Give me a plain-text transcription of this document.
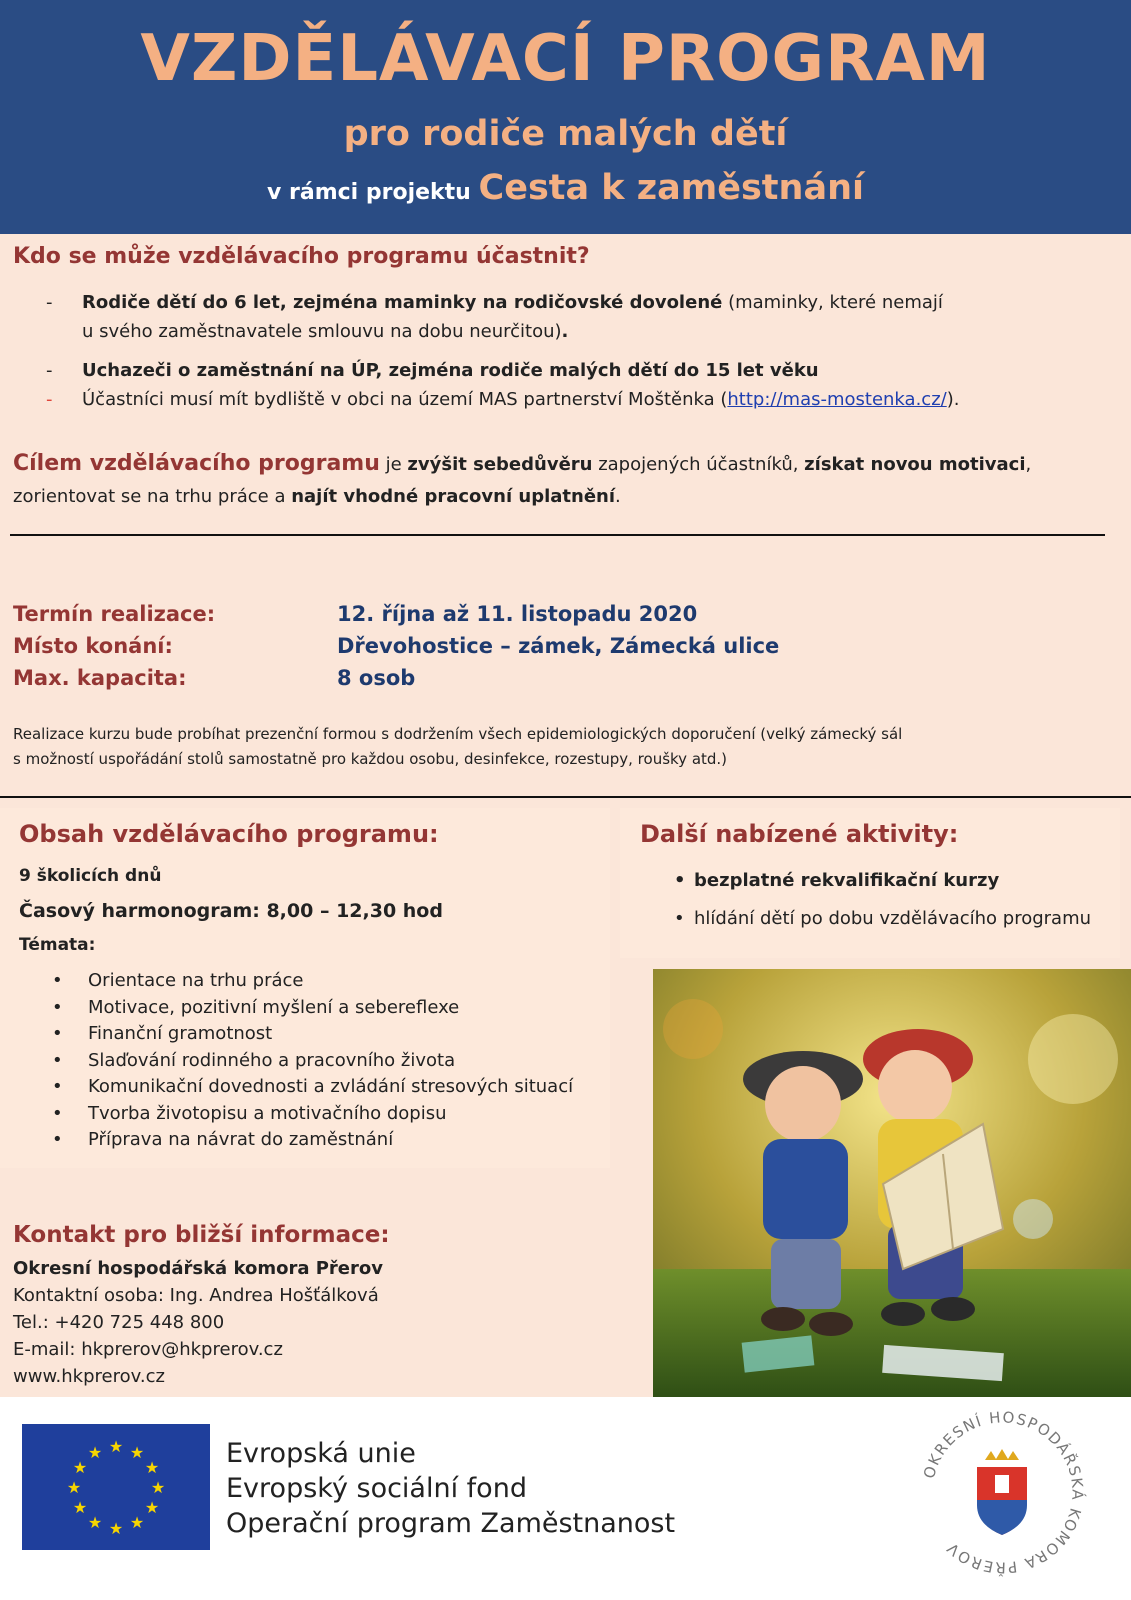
VZDĚLÁVACÍ PROGRAM
pro rodiče malých dětí
v rámci projektu Cesta k zaměstnání
Kdo se může vzdělávacího programu účastnit?
- Rodiče dětí do 6 let, zejména maminky na rodičovské dovolené (maminky, které nemají
u svého zaměstnavatele smlouvu na dobu neurčitou).
- Uchazeči o zaměstnání na ÚP, zejména rodiče malých dětí do 15 let věku
- Účastníci musí mít bydliště v obci na území MAS partnerství Moštěnka (http://mas-mostenka.cz/).
Cílem vzdělávacího programu je zvýšit sebedůvěru zapojených účastníků, získat novou motivaci, zorientovat se na trhu práce a najít vhodné pracovní uplatnění.
Termín realizace:	12. října až 11. listopadu 2020
Místo konání:	Dřevohostice – zámek, Zámecká ulice
Max. kapacita:	8 osob
Realizace kurzu bude probíhat prezenční formou s dodržením všech epidemiologických doporučení (velký zámecký sál
s možností uspořádání stolů samostatně pro každou osobu, desinfekce, rozestupy, roušky atd.)
Obsah vzdělávacího programu:
9 školicích dnů
Časový harmonogram: 8,00 – 12,30 hod
Témata:
• Orientace na trhu práce
• Motivace, pozitivní myšlení a sebereflexe
• Finanční gramotnost
• Slaďování rodinného a pracovního života
• Komunikační dovednosti a zvládání stresových situací
• Tvorba životopisu a motivačního dopisu
• Příprava na návrat do zaměstnání
Další nabízené aktivity:
• bezplatné rekvalifikační kurzy
• hlídání dětí po dobu vzdělávacího programu
Kontakt pro bližší informace:
Okresní hospodářská komora Přerov
Kontaktní osoba: Ing. Andrea Hošťálková
Tel.: +420 725 448 800
E-mail: hkprerov@hkprerov.cz
www.hkprerov.cz
★ ★
★
★
★
★
★
★
★
★
★
★	Evropská unie
Evropský sociální fond
Operační program Zaměstnanost
OKRESNÍ HOSPODÁŘSKÁ KOMORA PŘEROV
